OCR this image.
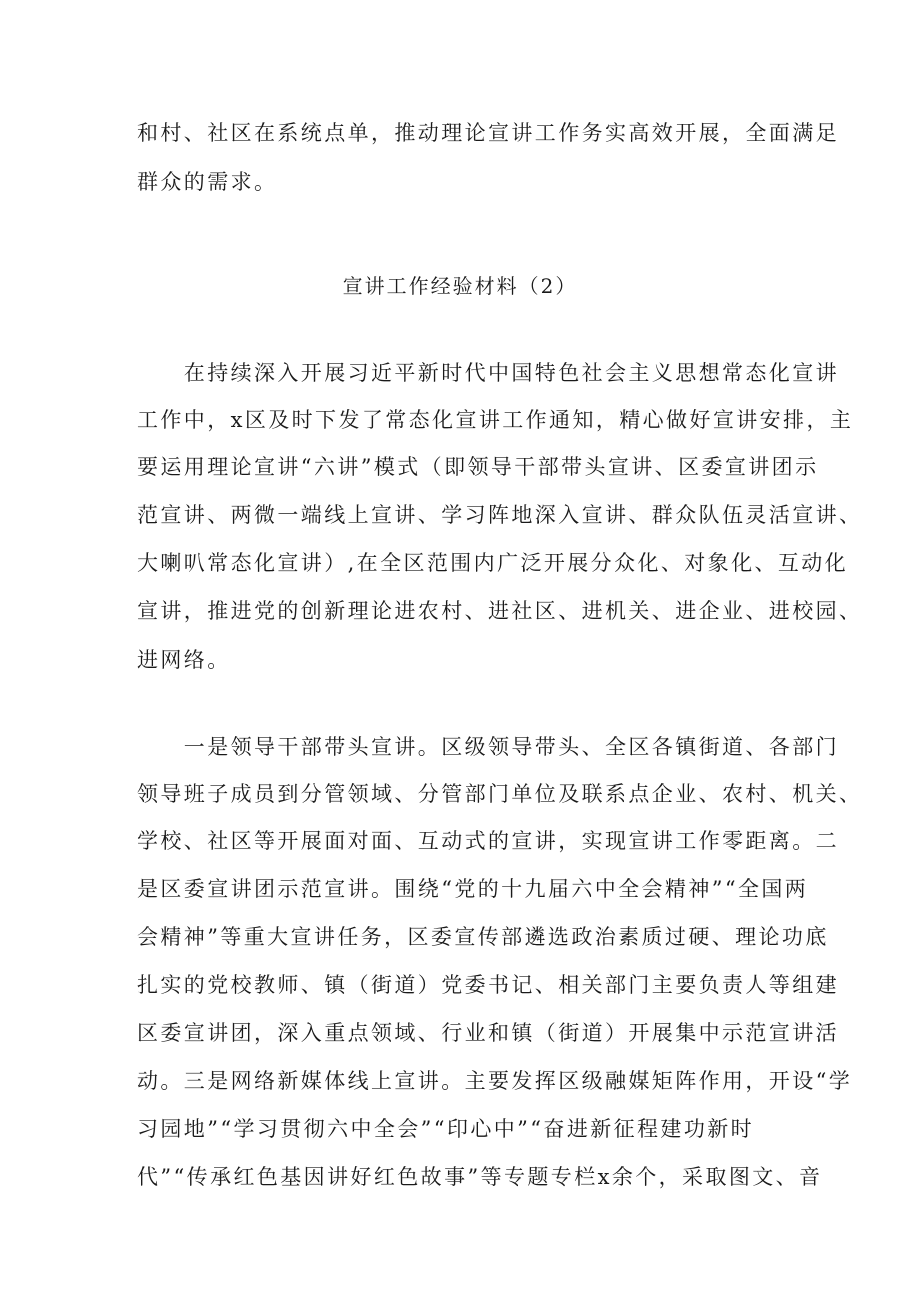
和村、社区在系统点单，推动理论宣讲工作务实高效开展，全面满足
群众的需求。
宣讲工作经验材料（2）
　　在持续深入开展习近平新时代中国特色社会主义思想常态化宣讲
工作中，x区及时下发了常态化宣讲工作通知，精心做好宣讲安排，主
要运用理论宣讲“六讲”模式（即领导干部带头宣讲、区委宣讲团示
范宣讲、两微一端线上宣讲、学习阵地深入宣讲、群众队伍灵活宣讲、
大喇叭常态化宣讲）,在全区范围内广泛开展分众化、对象化、互动化
宣讲，推进党的创新理论进农村、进社区、进机关、进企业、进校园、
进网络。
　　一是领导干部带头宣讲。区级领导带头、全区各镇街道、各部门
领导班子成员到分管领域、分管部门单位及联系点企业、农村、机关、
学校、社区等开展面对面、互动式的宣讲，实现宣讲工作零距离。二
是区委宣讲团示范宣讲。围绕“党的十九届六中全会精神”“全国两
会精神”等重大宣讲任务，区委宣传部遴选政治素质过硬、理论功底
扎实的党校教师、镇（街道）党委书记、相关部门主要负责人等组建
区委宣讲团，深入重点领域、行业和镇（街道）开展集中示范宣讲活
动。三是网络新媒体线上宣讲。主要发挥区级融媒矩阵作用，开设“学
习园地”“学习贯彻六中全会”“印心中”“奋进新征程建功新时
代”“传承红色基因讲好红色故事”等专题专栏x余个，采取图文、音
